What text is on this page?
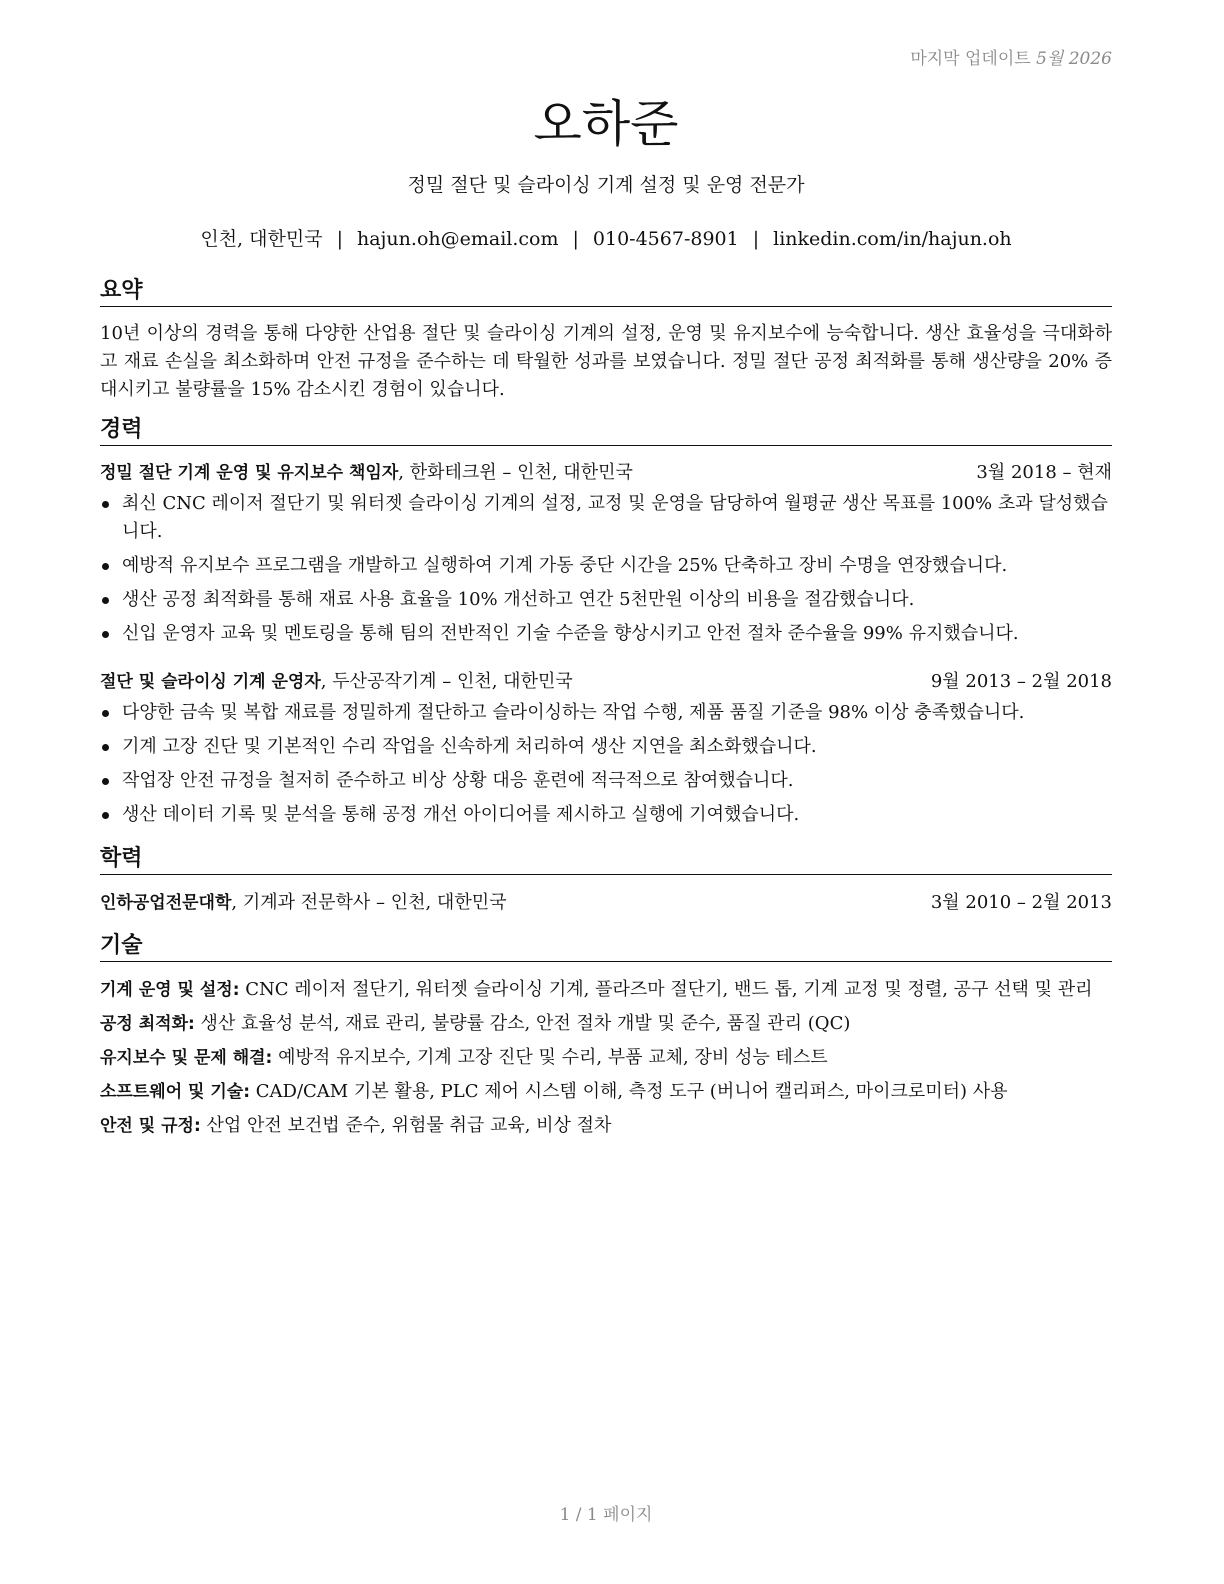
마지막 업데이트 5월 2026
오하준
정밀 절단 및 슬라이싱 기계 설정 및 운영 전문가
인천, 대한민국 | hajun.oh@email.com | 010-4567-8901 | linkedin.com/in/hajun.oh
요약
10년 이상의 경력을 통해 다양한 산업용 절단 및 슬라이싱 기계의 설정, 운영 및 유지보수에 능숙합니다. 생산 효율성을 극대화하고 재료 손실을 최소화하며 안전 규정을 준수하는 데 탁월한 성과를 보였습니다. 정밀 절단 공정 최적화를 통해 생산량을 20% 증대시키고 불량률을 15% 감소시킨 경험이 있습니다.
경력
정밀 절단 기계 운영 및 유지보수 책임자, 한화테크윈 – 인천, 대한민국	3월 2018 – 현재
최신 CNC 레이저 절단기 및 워터젯 슬라이싱 기계의 설정, 교정 및 운영을 담당하여 월평균 생산 목표를 100% 초과 달성했습니다.
예방적 유지보수 프로그램을 개발하고 실행하여 기계 가동 중단 시간을 25% 단축하고 장비 수명을 연장했습니다.
생산 공정 최적화를 통해 재료 사용 효율을 10% 개선하고 연간 5천만원 이상의 비용을 절감했습니다.
신입 운영자 교육 및 멘토링을 통해 팀의 전반적인 기술 수준을 향상시키고 안전 절차 준수율을 99% 유지했습니다.
절단 및 슬라이싱 기계 운영자, 두산공작기계 – 인천, 대한민국	9월 2013 – 2월 2018
다양한 금속 및 복합 재료를 정밀하게 절단하고 슬라이싱하는 작업 수행, 제품 품질 기준을 98% 이상 충족했습니다.
기계 고장 진단 및 기본적인 수리 작업을 신속하게 처리하여 생산 지연을 최소화했습니다.
작업장 안전 규정을 철저히 준수하고 비상 상황 대응 훈련에 적극적으로 참여했습니다.
생산 데이터 기록 및 분석을 통해 공정 개선 아이디어를 제시하고 실행에 기여했습니다.
학력
인하공업전문대학, 기계과 전문학사 – 인천, 대한민국	3월 2010 – 2월 2013
기술
기계 운영 및 설정: CNC 레이저 절단기, 워터젯 슬라이싱 기계, 플라즈마 절단기, 밴드 톱, 기계 교정 및 정렬, 공구 선택 및 관리
공정 최적화: 생산 효율성 분석, 재료 관리, 불량률 감소, 안전 절차 개발 및 준수, 품질 관리 (QC)
유지보수 및 문제 해결: 예방적 유지보수, 기계 고장 진단 및 수리, 부품 교체, 장비 성능 테스트
소프트웨어 및 기술: CAD/CAM 기본 활용, PLC 제어 시스템 이해, 측정 도구 (버니어 캘리퍼스, 마이크로미터) 사용
안전 및 규정: 산업 안전 보건법 준수, 위험물 취급 교육, 비상 절차
1 / 1 페이지
